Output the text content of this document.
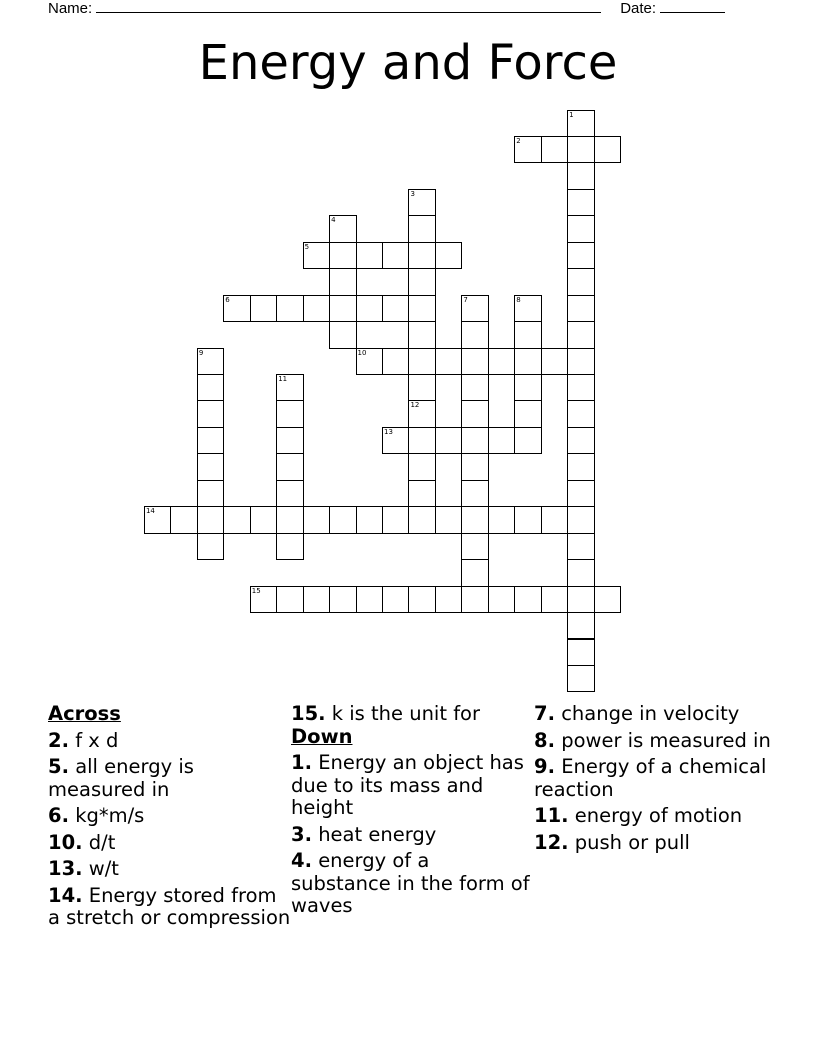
Name:	Date:
Energy and Force
1
2
3
4
5
6	7	8
9	10
11
12
13
14
15
Across
2. f x d
5. all energy is measured in
6. kg*m/s
10. d/t
13. w/t
14. Energy stored from a stretch or compression
15. k is the unit for
Down
1. Energy an object has due to its mass and height
3. heat energy
4. energy of a substance in the form of waves
7. change in velocity
8. power is measured in
9. Energy of a chemical reaction
11. energy of motion
12. push or pull
